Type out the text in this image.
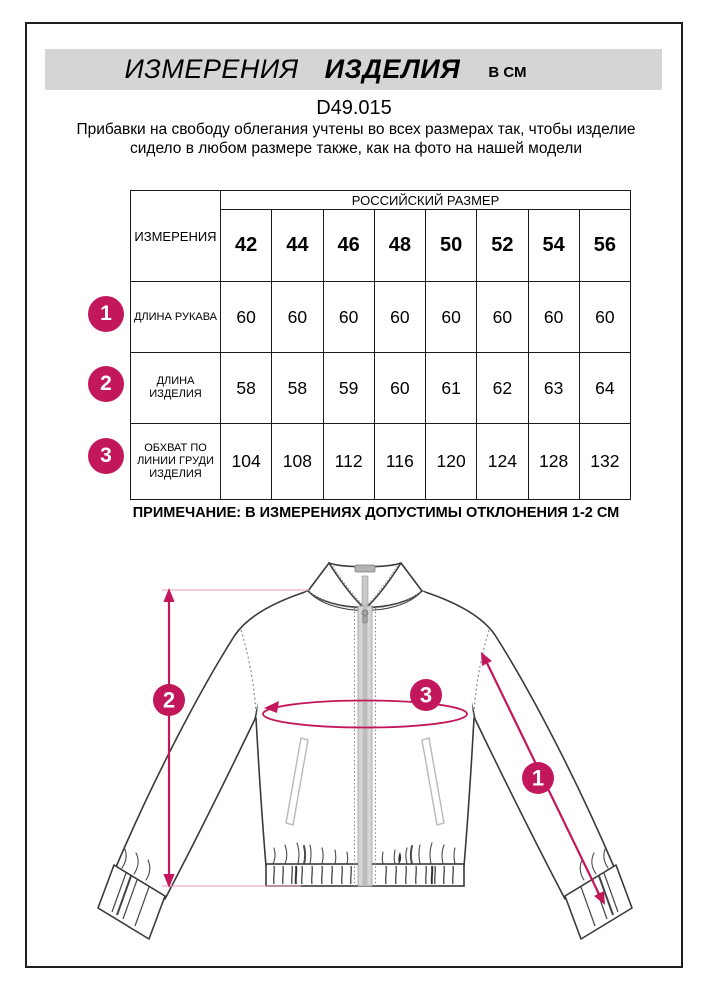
ИЗМЕРЕНИЯ ИЗДЕЛИЯ В СМ
D49.015
Прибавки на свободу облегания учтены во всех размерах так, чтобы изделие сидело в любом размере также, как на фото на нашей модели
ИЗМЕРЕНИЯ	РОССИЙСКИЙ РАЗМЕР							
	42	44	46	48	50	52	54	56
ДЛИНА РУКАВА	60	60	60	60	60	60	60	60
ДЛИНА ИЗДЕЛИЯ	58	58	59	60	61	62	63	64
ОБХВАТ ПО ЛИНИИ ГРУДИ ИЗДЕЛИЯ	104	108	112	116	120	124	128	132
1
2
3
ПРИМЕЧАНИЕ: В ИЗМЕРЕНИЯХ ДОПУСТИМЫ ОТКЛОНЕНИЯ 1-2 СМ
2	3
1
